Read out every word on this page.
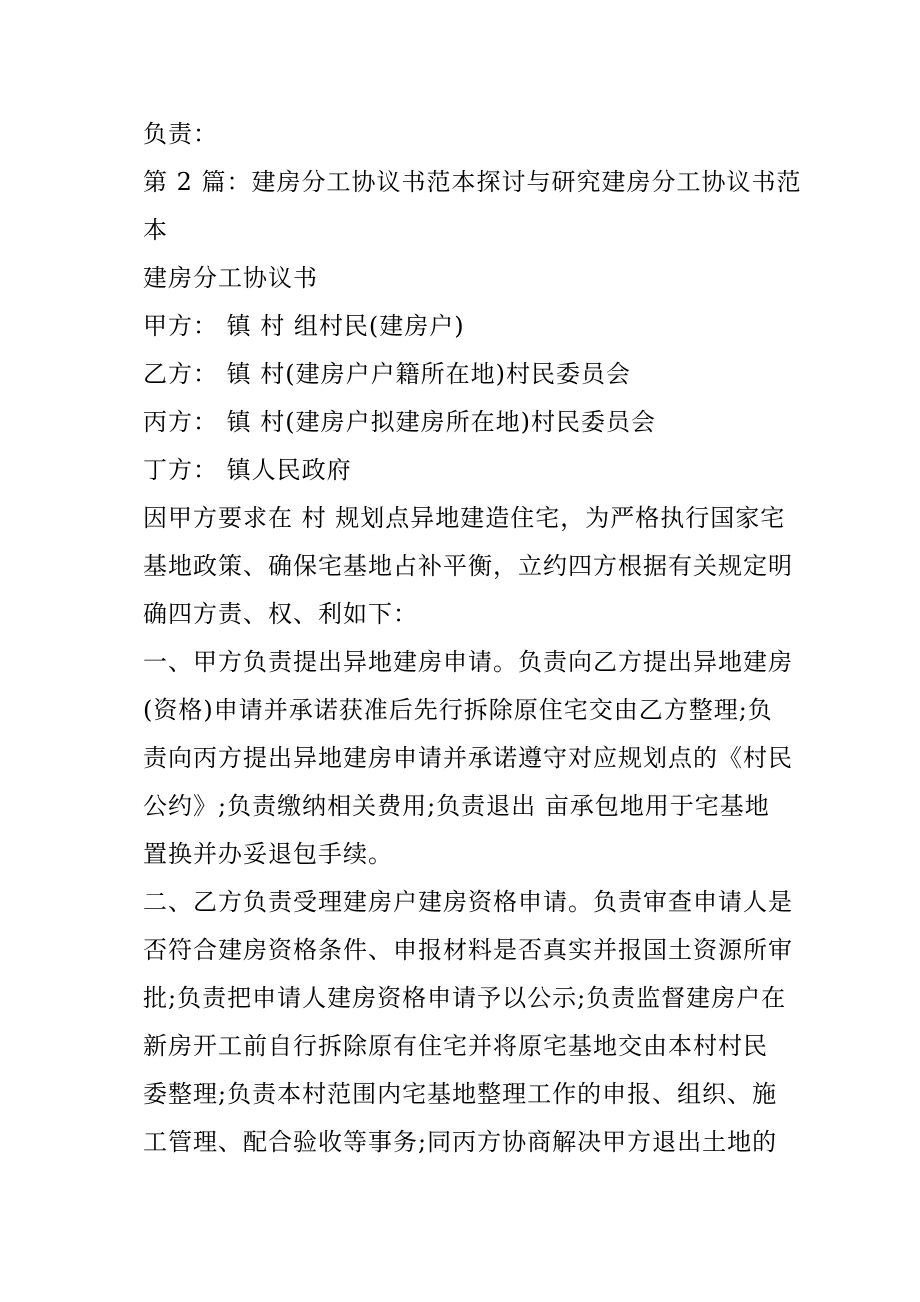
负责：
第 2 篇：建房分工协议书范本探讨与研究建房分工协议书范
本
建房分工协议书
甲方： 镇 村 组村民(建房户)
乙方： 镇 村(建房户户籍所在地)村民委员会
丙方： 镇 村(建房户拟建房所在地)村民委员会
丁方： 镇人民政府
因甲方要求在 村 规划点异地建造住宅，为严格执行国家宅
基地政策、确保宅基地占补平衡，立约四方根据有关规定明
确四方责、权、利如下：
一、甲方负责提出异地建房申请。负责向乙方提出异地建房
(资格)申请并承诺获准后先行拆除原住宅交由乙方整理;负
责向丙方提出异地建房申请并承诺遵守对应规划点的《村民
公约》;负责缴纳相关费用;负责退出 亩承包地用于宅基地
置换并办妥退包手续。
二、乙方负责受理建房户建房资格申请。负责审查申请人是
否符合建房资格条件、申报材料是否真实并报国土资源所审
批;负责把申请人建房资格申请予以公示;负责监督建房户在
新房开工前自行拆除原有住宅并将原宅基地交由本村村民
委整理;负责本村范围内宅基地整理工作的申报、组织、施
工管理、配合验收等事务;同丙方协商解决甲方退出土地的
